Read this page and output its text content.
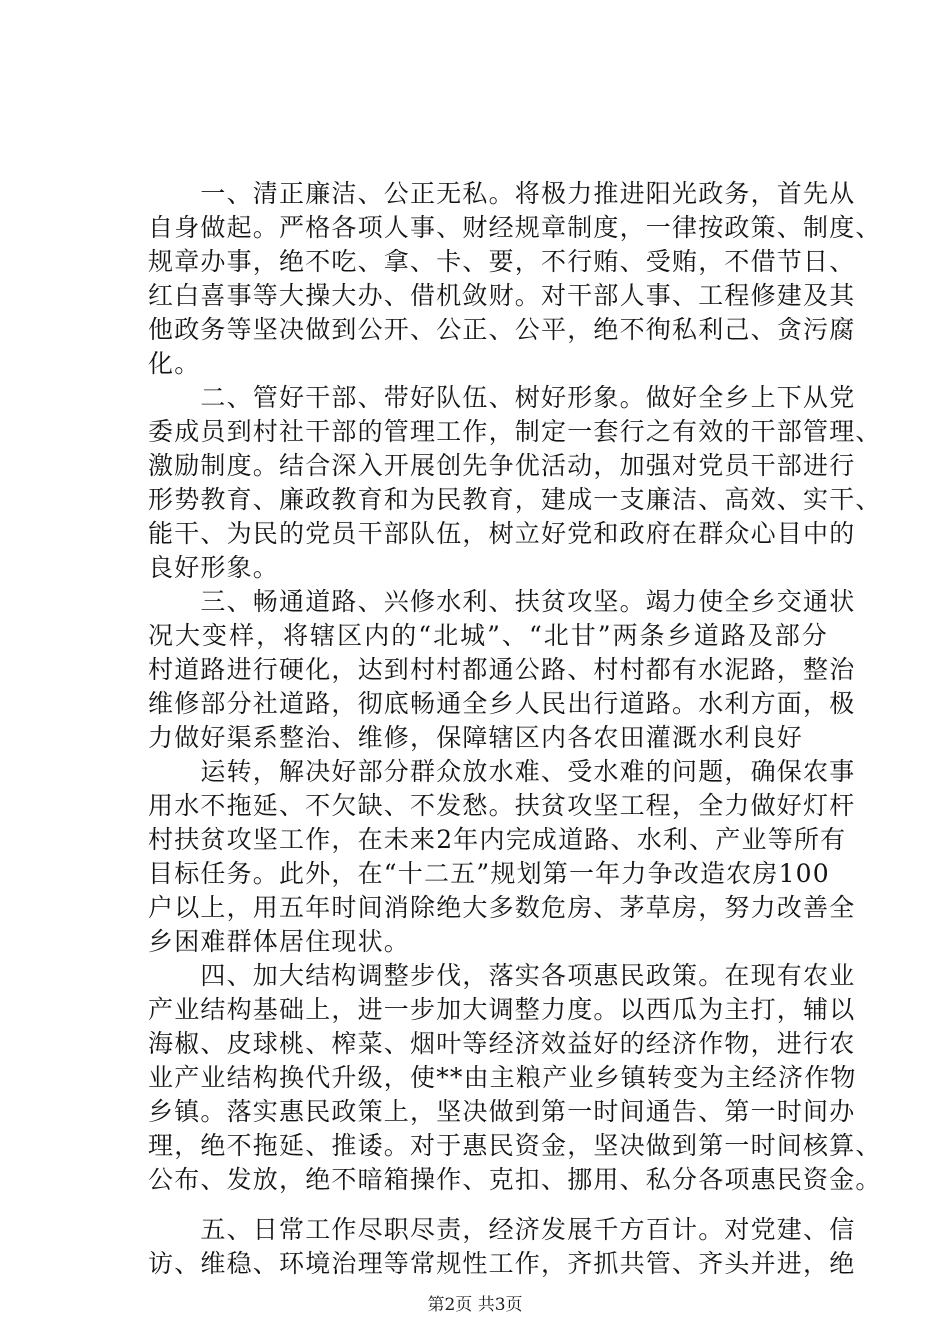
　　一、清正廉洁、公正无私。将极力推进阳光政务，首先从
自身做起。严格各项人事、财经规章制度，一律按政策、制度、
规章办事，绝不吃、拿、卡、要，不行贿、受贿，不借节日、
红白喜事等大操大办、借机敛财。对干部人事、工程修建及其
他政务等坚决做到公开、公正、公平，绝不徇私利己、贪污腐
化。
　　二、管好干部、带好队伍、树好形象。做好全乡上下从党
委成员到村社干部的管理工作，制定一套行之有效的干部管理、
激励制度。结合深入开展创先争优活动，加强对党员干部进行
形势教育、廉政教育和为民教育，建成一支廉洁、高效、实干、
能干、为民的党员干部队伍，树立好党和政府在群众心目中的
良好形象。
　　三、畅通道路、兴修水利、扶贫攻坚。竭力使全乡交通状
况大变样，将辖区内的“北城”、“北甘”两条乡道路及部分
村道路进行硬化，达到村村都通公路、村村都有水泥路，整治
维修部分社道路，彻底畅通全乡人民出行道路。水利方面，极
力做好渠系整治、维修，保障辖区内各农田灌溉水利良好
　　运转，解决好部分群众放水难、受水难的问题，确保农事
用水不拖延、不欠缺、不发愁。扶贫攻坚工程，全力做好灯杆
村扶贫攻坚工作，在未来2年内完成道路、水利、产业等所有
目标任务。此外，在“十二五”规划第一年力争改造农房100
户以上，用五年时间消除绝大多数危房、茅草房，努力改善全
乡困难群体居住现状。
　　四、加大结构调整步伐，落实各项惠民政策。在现有农业
产业结构基础上，进一步加大调整力度。以西瓜为主打，辅以
海椒、皮球桃、榨菜、烟叶等经济效益好的经济作物，进行农
业产业结构换代升级，使**由主粮产业乡镇转变为主经济作物
乡镇。落实惠民政策上，坚决做到第一时间通告、第一时间办
理，绝不拖延、推诿。对于惠民资金，坚决做到第一时间核算、
公布、发放，绝不暗箱操作、克扣、挪用、私分各项惠民资金。
　　五、日常工作尽职尽责，经济发展千方百计。对党建、信
访、维稳、环境治理等常规性工作，齐抓共管、齐头并进，绝
第2页 共3页
